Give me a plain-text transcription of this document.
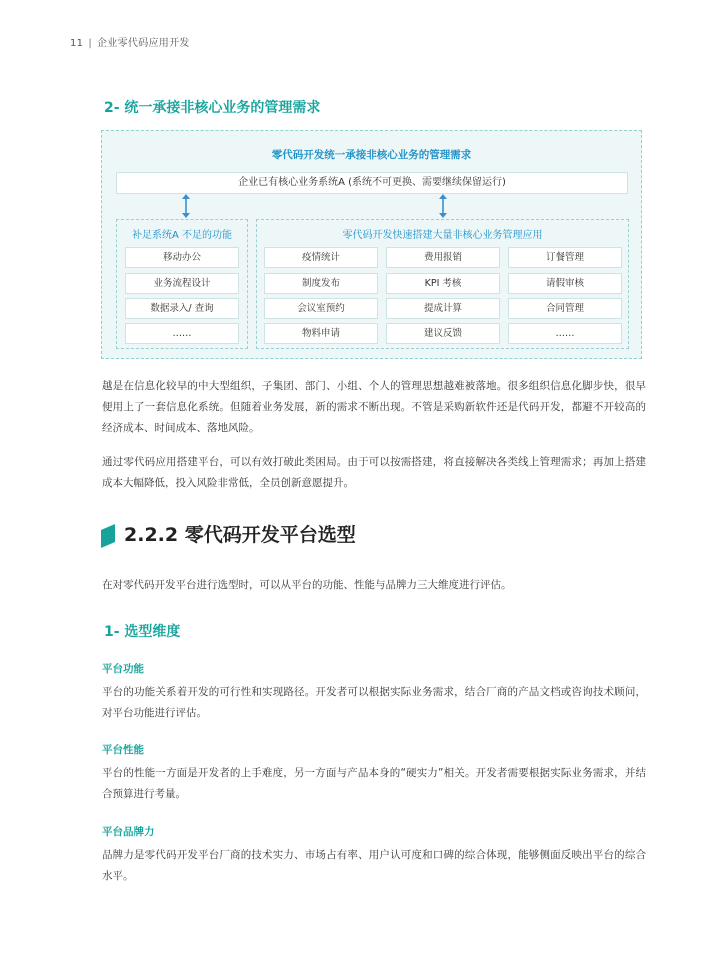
11 | 企业零代码应用开发
2- 统一承接非核心业务的管理需求
零代码开发统一承接非核心业务的管理需求
企业已有核心业务系统A (系统不可更换、需要继续保留运行)
补足系统A 不足的功能
移动办公
业务流程设计
数据录入/ 查询
……
零代码开发快速搭建大量非核心业务管理应用
疫情统计	费用报销	订餐管理
制度发布	KPI 考核	请假审核
会议室预约	提成计算	合同管理
物料申请	建议反馈	……
越是在信息化较早的中大型组织，子集团、部门、小组、个人的管理思想越难被落地。很多组织信息化脚步快，很早便用上了一套信息化系统。但随着业务发展，新的需求不断出现。不管是采购新软件还是代码开发，都避不开较高的经济成本、时间成本、落地风险。
通过零代码应用搭建平台，可以有效打破此类困局。由于可以按需搭建，将直接解决各类线上管理需求；再加上搭建成本大幅降低，投入风险非常低，全员创新意愿提升。
2.2.2 零代码开发平台选型
在对零代码开发平台进行选型时，可以从平台的功能、性能与品牌力三大维度进行评估。
1- 选型维度
平台功能
平台的功能关系着开发的可行性和实现路径。开发者可以根据实际业务需求，结合厂商的产品文档或咨询技术顾问，对平台功能进行评估。
平台性能
平台的性能一方面是开发者的上手难度，另一方面与产品本身的“硬实力”相关。开发者需要根据实际业务需求，并结合预算进行考量。
平台品牌力
品牌力是零代码开发平台厂商的技术实力、市场占有率、用户认可度和口碑的综合体现，能够侧面反映出平台的综合水平。
